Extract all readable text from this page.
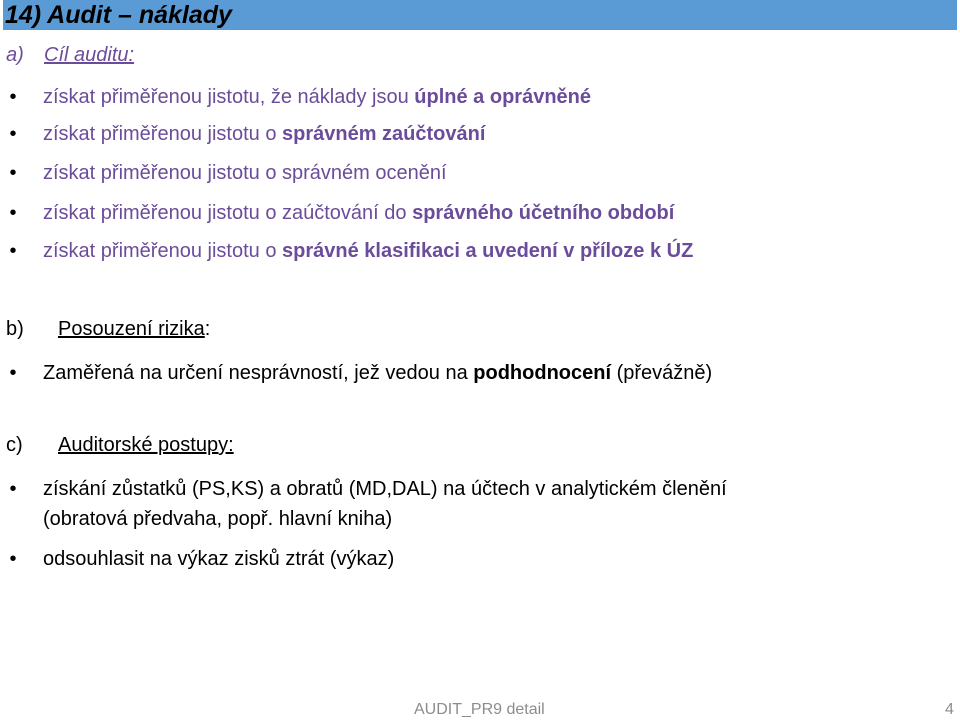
14) Audit – náklady
a) Cíl auditu:
• získat přiměřenou jistotu, že náklady jsou úplné a oprávněné
• získat přiměřenou jistotu o správném zaúčtování
• získat přiměřenou jistotu o správném ocenění
• získat přiměřenou jistotu o zaúčtování do správného účetního období
• získat přiměřenou jistotu o správné klasifikaci a uvedení v příloze k ÚZ
b) Posouzení rizika:
• Zaměřená na určení nesprávností, jež vedou na podhodnocení (převážně)
c) Auditorské postupy:
• získání zůstatků (PS,KS) a obratů (MD,DAL) na účtech v analytickém členění
(obratová předvaha, popř. hlavní kniha)
• odsouhlasit na výkaz zisků ztrát (výkaz)
AUDIT_PR9 detail	4
